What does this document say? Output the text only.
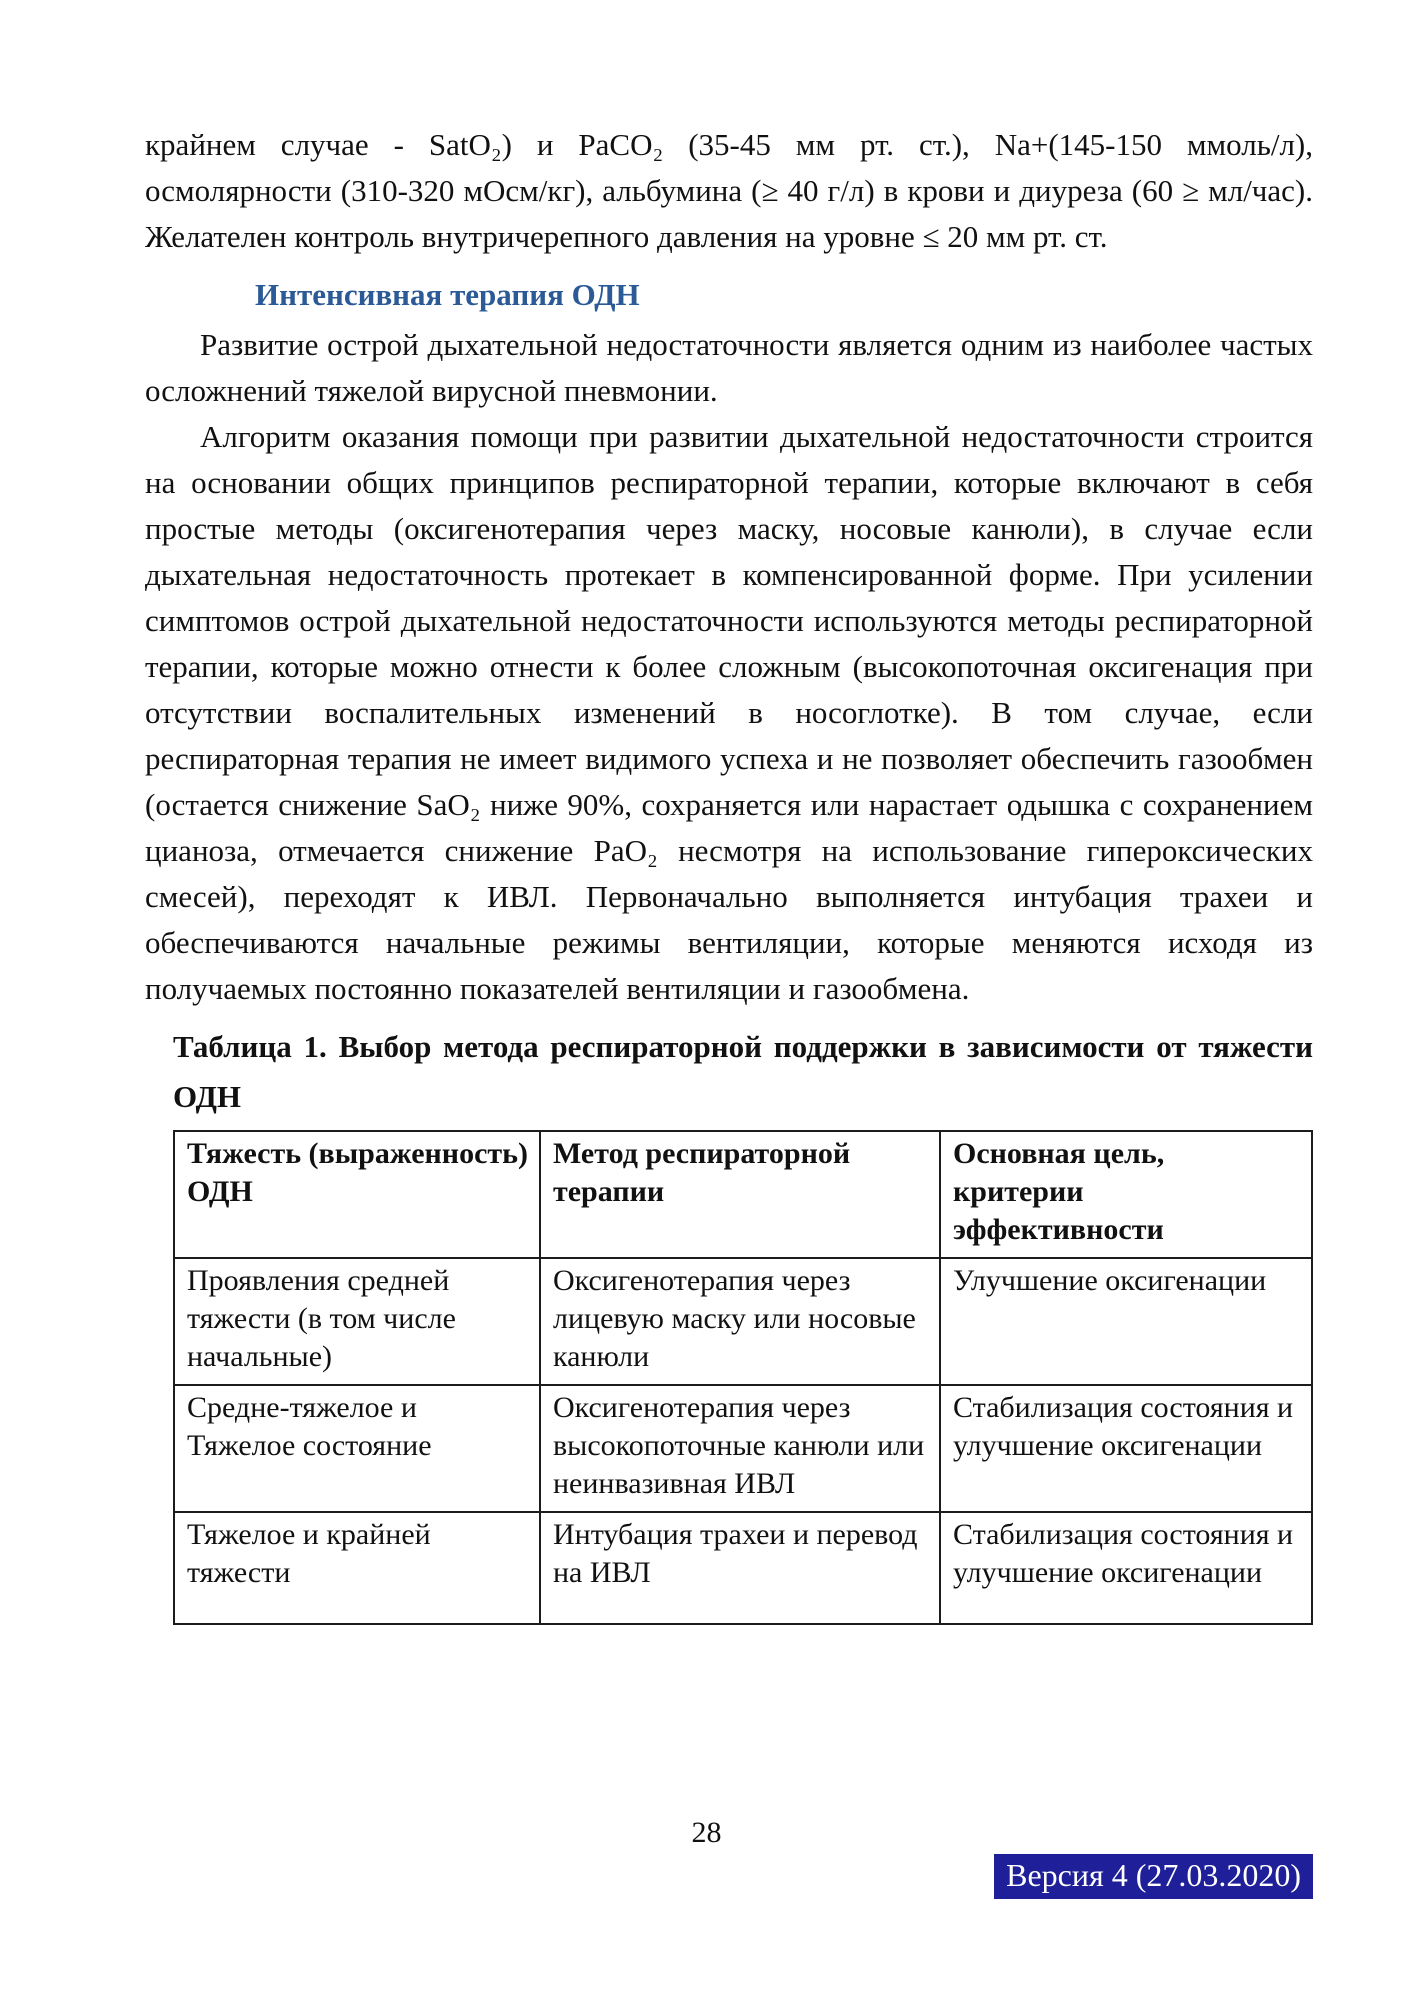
крайнем случае - SatO₂) и PaCO₂ (35-45 мм рт. ст.), Na+(145-150 ммоль/л), осмолярности (310-320 мОсм/кг), альбумина (≥ 40 г/л) в крови и диуреза (60 ≥ мл/час). Желателен контроль внутричерепного давления на уровне ≤ 20 мм рт. ст.

Интенсивная терапия ОДН

Развитие острой дыхательной недостаточности является одним из наиболее частых осложнений тяжелой вирусной пневмонии.

Алгоритм оказания помощи при развитии дыхательной недостаточности строится на основании общих принципов респираторной терапии, которые включают в себя простые методы (оксигенотерапия через маску, носовые канюли), в случае если дыхательная недостаточность протекает в компенсированной форме. При усилении симптомов острой дыхательной недостаточности используются методы респираторной терапии, которые можно отнести к более сложным (высокопоточная оксигенация при отсутствии воспалительных изменений в носоглотке). В том случае, если респираторная терапия не имеет видимого успеха и не позволяет обеспечить газообмен (остается снижение SaO₂ ниже 90%, сохраняется или нарастает одышка с сохранением цианоза, отмечается снижение PaO₂ несмотря на использование гипероксических смесей), переходят к ИВЛ. Первоначально выполняется интубация трахеи и обеспечиваются начальные режимы вентиляции, которые меняются исходя из получаемых постоянно показателей вентиляции и газообмена.

Таблица 1. Выбор метода респираторной поддержки в зависимости от тяжести ОДН

Тяжесть (выраженность) ОДН	Метод респираторной терапии	Основная цель, критерии эффективности
Проявления средней тяжести (в том числе начальные)	Оксигенотерапия через лицевую маску или носовые канюли	Улучшение оксигенации
Средне-тяжелое и Тяжелое состояние	Оксигенотерапия через высокопоточные канюли или неинвазивная ИВЛ	Стабилизация состояния и улучшение оксигенации
Тяжелое и крайней тяжести	Интубация трахеи и перевод на ИВЛ	Стабилизация состояния и улучшение оксигенации
28
Версия 4 (27.03.2020)
